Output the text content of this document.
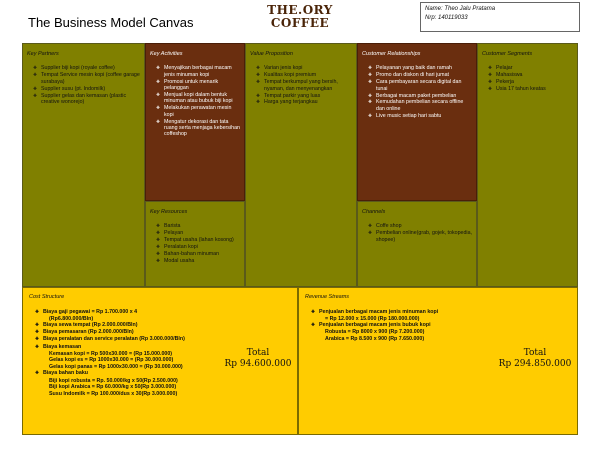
The Business Model Canvas
THE.ORY
COFFEE
Name: Theo Jalu Pratama
Nrp: 140119033
Key Partners
❖ Supplier biji kopi (royale coffee)
❖ Tempat Service mesin kopi (coffee garage surabaya)
❖ Supplier susu (pt. Indomilk)
❖ Supplier gelas dan kemasan (plastic creative wonorejo)
Key Activities
❖ Menyajikan berbagai macam jenis minuman kopi
❖ Promosi untuk menarik pelanggan
❖ Menjual kopi dalam bentuk minuman atau bubuk biji kopi
❖ Melakukan perawatan mesin kopi
❖ Mengatur dekorasi dan tata ruang serta menjaga kebersihan coffeshop
Key Resources
❖ Barista
❖ Pelayan
❖ Tempat usaha (lahan kosong)
❖ Peralatan kopi
❖ Bahan-bahan minuman
❖ Modal usaha
Value Proposition
❖ Varian jenis kopi
❖ Kualitas kopi premium
❖ Tempat berkumpul yang bersih, nyaman, dan menyenangkan
❖ Tempat parkir yang luas
❖ Harga yang terjangkau
Customer Relationships
❖ Pelayanan yang baik dan ramah
❖ Promo dan diskon di hari jumat
❖ Cara pembayaran secara digital dan tunai
❖ Berbagai macam paket pembelian
❖ Kemudahan pembelian secara offline dan online
❖ Live music setiap hari sabtu
Channels
❖ Coffe shop
❖ Pembelian online(grab, gojek, tokopedia, shopee)
Customer Segments
❖ Pelajar
❖ Mahasiswa
❖ Pekerja
❖ Usia 17 tahun keatas
Cost Structure
❖ Biaya gaji pegawai = Rp 1.700.000 x 4
(Rp6.800.000/Bln)
❖ Biaya sewa tempat (Rp 2.000.000/Bln)
❖ Biaya pemasaran (Rp 2.000.000/Bln)
❖ Biaya peralatan dan service peralatan (Rp 3.000.000/Bln)
❖ Biaya kemasan
Kemasan kopi = Rp 500x30.000 = (Rp 15.000.000)
Gelas kopi es = Rp 1000x30.000 = (Rp 30.000.000)
Gelas kopi panas = Rp 1000x30.000 = (Rp 30.000.000)
❖ Biaya bahan baku
Biji kopi robusta = Rp. 50.000/kg x 50(Rp 2.500.000)
Biji kopi Arabica = Rp 60.000/kg x 50(Rp 3.000.000)
Susu Indomilk = Rp 100.000/dus x 30(Rp 3.000.000)
Total
Rp 94.600.000
Revenue Streams
❖ Penjualan berbagai macam jenis minuman kopi
= Rp 12.000 x 15.000 (Rp 180.000.000)
❖ Penjualan berbagai macam jenis bubuk kopi
Robusta = Rp 8000 x 900 (Rp 7.200.000)
Arabica = Rp 8.500 x 900 (Rp 7.650.000)
Total
Rp 294.850.000
